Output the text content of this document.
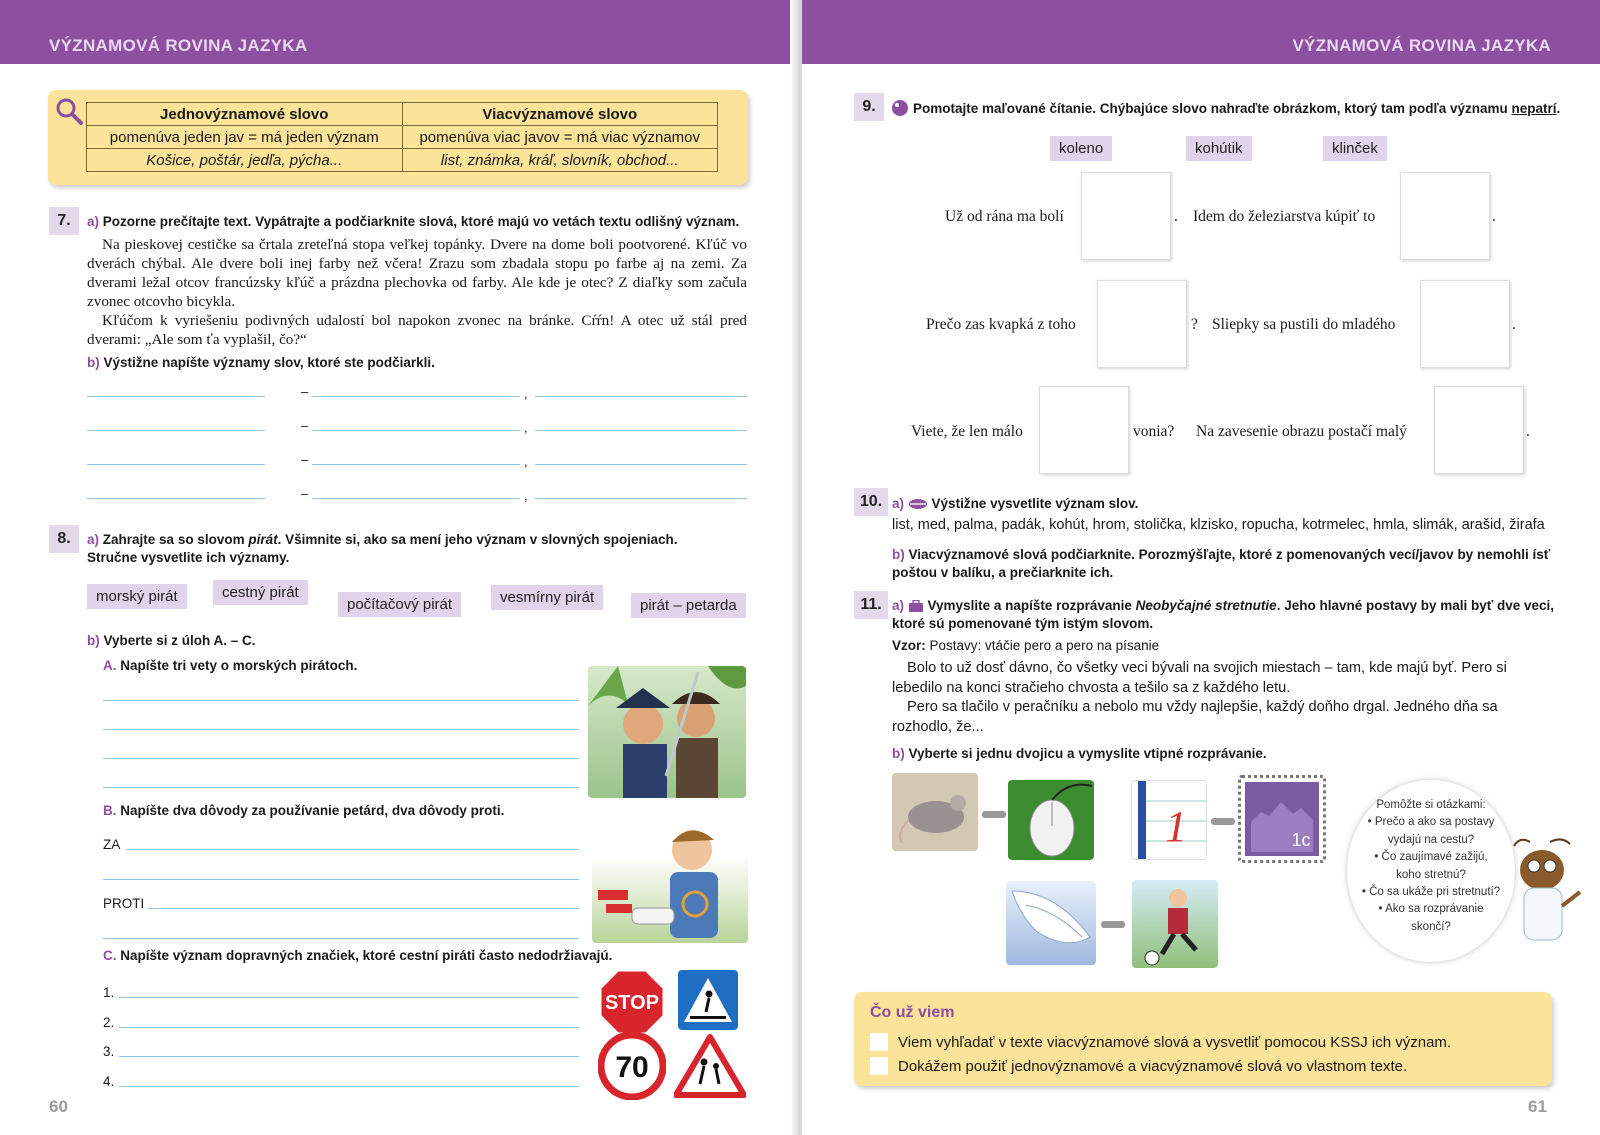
VÝZNAMOVÁ ROVINA JAZYKA
Jednovýznamové slovo	Viacvýznamové slovo
pomenúva jeden jav = má jeden význam	pomenúva viac javov = má viac významov
Košice, poštár, jedľa, pýcha...	list, známka, kráľ, slovník, obchod...
7.	a) Pozorne prečítajte text. Vypátrajte a podčiarknite slová, ktoré majú vo vetách textu odlišný význam.
Na pieskovej cestičke sa črtala zreteľná stopa veľkej topánky. Dvere na dome boli pootvorené. Kľúč vo dverách chýbal. Ale dvere boli inej farby než včera! Zrazu som zbadala stopu po farbe aj na zemi. Za dverami ležal otcov francúzsky kľúč a prázdna plechovka od farby. Ale kde je otec? Z diaľky som začula zvonec otcovho bicykla.
Kľúčom k vyriešeniu podivných udalostí bol napokon zvonec na bránke. Cŕŕn! A otec už stál pred dverami: „Ale som ťa vyplašil, čo?“
b) Výstižne napíšte významy slov, ktoré ste podčiarkli.
–	,
–	,
–	,
–	,
8.	a) Zahrajte sa so slovom pirát. Všimnite si, ako sa mení jeho význam v slovných spojeniach.
Stručne vysvetlite ich významy.
morský pirát	cestný pirát
počítačový pirát	vesmírny pirát	pirát – petarda
b) Vyberte si z úloh A. – C.
A. Napíšte tri vety o morských pirátoch.
B. Napíšte dva dôvody za používanie petárd, dva dôvody proti.
ZA
PROTI
C. Napíšte význam dopravných značiek, ktoré cestní piráti často nedodržiavajú.
1.
2.
3.
4.
STOP
70
60
VÝZNAMOVÁ ROVINA JAZYKA
9.	Pomotajte maľované čítanie. Chýbajúce slovo nahraďte obrázkom, ktorý tam podľa významu nepatrí.
koleno	kohútik	klinček
Už od rána ma bolí	. Idem do železiarstva kúpiť to	.
Prečo zas kvapká z toho	? Sliepky sa pustili do mladého	.
Viete, že len málo	vonia? Na zavesenie obrazu postačí malý	.
10. a) Výstižne vysvetlite význam slov.
list, med, palma, padák, kohút, hrom, stolička, klzisko, ropucha, kotrmelec, hmla, slimák, arašid, žirafa
b) Viacvýznamové slová podčiarknite. Porozmýšľajte, ktoré z pomenovaných vecí/javov by nemohli ísť poštou v balíku, a prečiarknite ich.
11. a) Vymyslite a napíšte rozprávanie Neobyčajné stretnutie. Jeho hlavné postavy by mali byť dve veci,
ktoré sú pomenované tým istým slovom.
Vzor: Postavy: vtáčie pero a pero na písanie
Bolo to už dosť dávno, čo všetky veci bývali na svojich miestach – tam, kde majú byť. Pero si lebedilo na konci stračieho chvosta a tešilo sa z každého letu.
Pero sa tlačilo v peračníku a nebolo mu vždy najlepšie, každý doňho drgal. Jedného dňa sa rozhodlo, že...
b) Vyberte si jednu dvojicu a vymyslite vtipné rozprávanie.
1	1c
Pomôžte si otázkami:
• Prečo a ako sa postavy
vydajú na cestu?
• Čo zaujímavé zažijú,
koho stretnú?
• Čo sa ukáže pri stretnutí?
• Ako sa rozprávanie
skončí?
Čo už viem
Viem vyhľadať v texte viacvýznamové slová a vysvetliť pomocou KSSJ ich význam.
Dokážem použiť jednovýznamové a viacvýznamové slová vo vlastnom texte.
61
